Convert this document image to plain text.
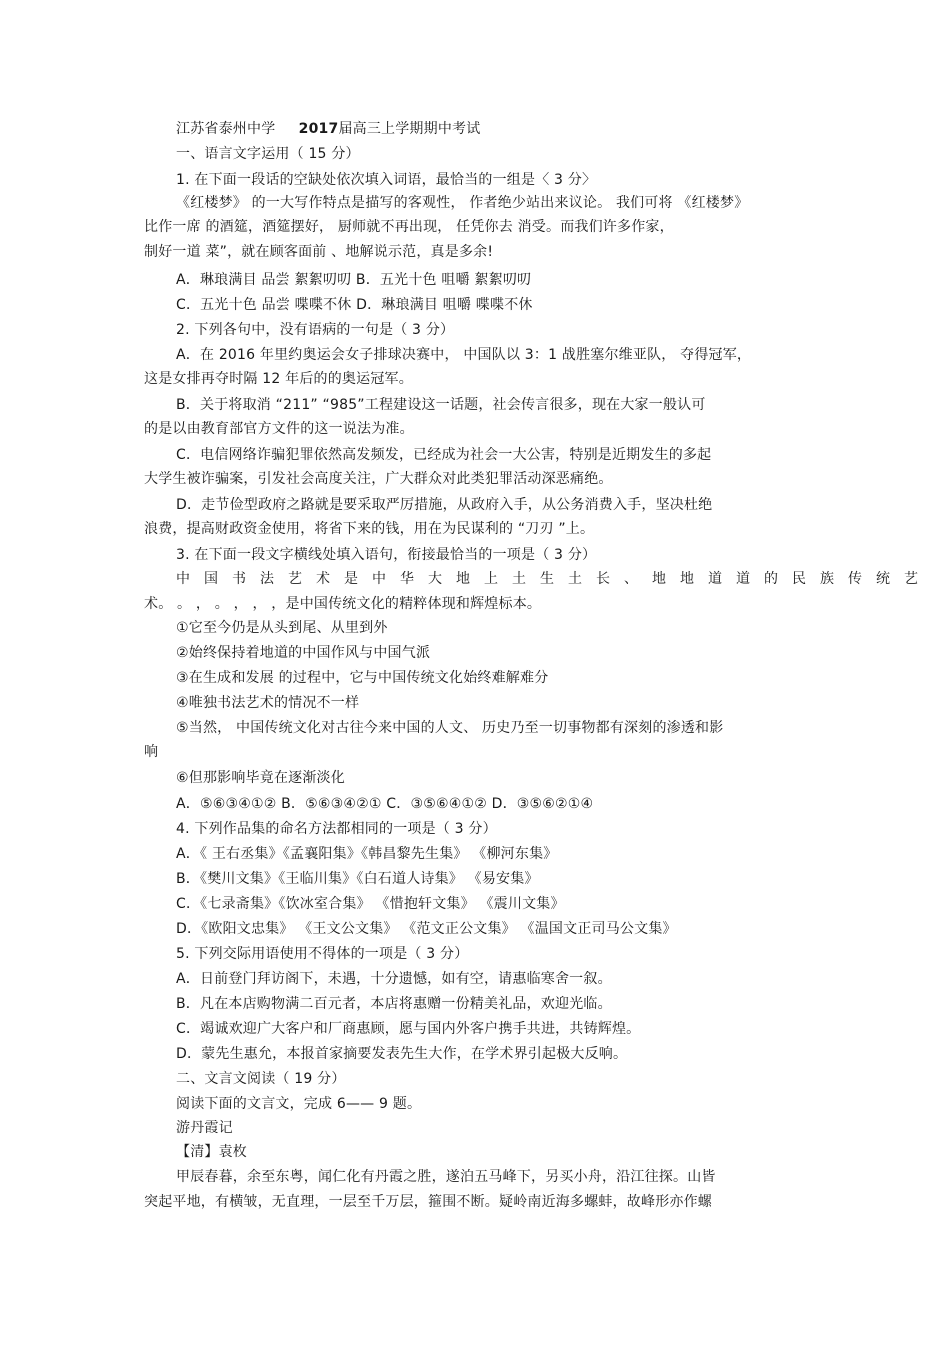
江苏省泰州中学 2017届高三上学期期中考试
一、语言文字运用（ 15 分）
1. 在下面一段话的空缺处依次填入词语，最恰当的一组是〈 3 分〉
《红楼梦》 的一大写作特点是描写的客观性， 作者绝少站出来议论。 我们可将 《红楼梦》
比作一席 的酒筵，酒筵摆好， 厨师就不再出现， 任凭你去 消受。而我们许多作家，
制好一道 菜”，就在顾客面前 、地解说示范，真是多余!
A．琳琅满目 品尝 絮絮叨叨 B．五光十色 咀嚼 絮絮叨叨
C．五光十色 品尝 喋喋不休 D．琳琅满目 咀嚼 喋喋不休
2. 下列各句中，没有语病的一句是（ 3 分）
A．在 2016 年里约奥运会女子排球决赛中， 中国队以 3：1 战胜塞尔维亚队， 夺得冠军，
这是女排再夺时隔 12 年后的的奥运冠军。
B．关于将取消 “211” “985”工程建设这一话题，社会传言很多，现在大家一般认可
的是以由教育部官方文件的这一说法为准。
C．电信网络诈骗犯罪依然高发频发，已经成为社会一大公害，特别是近期发生的多起
大学生被诈骗案，引发社会高度关注，广大群众对此类犯罪活动深恶痛绝。
D．走节俭型政府之路就是要采取严厉措施，从政府入手，从公务消费入手，坚决杜绝
浪费，提高财政资金使用，将省下来的钱，用在为民谋利的 “刀刃 ”上。
3. 在下面一段文字横线处填入语句，衔接最恰当的一项是（ 3 分）
中国书法艺术是中华大地上土生土长、地地道道的民族传统艺
术。 。 ， 。 ， ， ，是中国传统文化的精粹体现和辉煌标本。
①它至今仍是从头到尾、从里到外
②始终保持着地道的中国作风与中国气派
③在生成和发展 的过程中，它与中国传统文化始终难解难分
④唯独书法艺术的情况不一样
⑤当然， 中国传统文化对古往今来中国的人文、 历史乃至一切事物都有深刻的渗透和影
响
⑥但那影响毕竟在逐渐淡化
A．⑤⑥③④①② B．⑤⑥③④②① C．③⑤⑥④①② D．③⑤⑥②①④
4. 下列作品集的命名方法都相同的一项是（ 3 分）
A．《 王右丞集》《孟襄阳集》《韩昌黎先生集》 《柳河东集》
B．《樊川文集》《王临川集》《白石道人诗集》 《易安集》
C．《七录斋集》《饮冰室合集》 《惜抱轩文集》 《震川文集》
D．《欧阳文忠集》 《王文公文集》 《范文正公文集》 《温国文正司马公文集》
5. 下列交际用语使用不得体的一项是（ 3 分）
A．日前登门拜访阁下，未遇，十分遗憾，如有空，请惠临寒舍一叙。
B．凡在本店购物满二百元者，本店将惠赠一份精美礼品，欢迎光临。
C．竭诚欢迎广大客户和厂商惠顾，愿与国内外客户携手共进，共铸辉煌。
D．蒙先生惠允，本报首家摘要发表先生大作，在学术界引起极大反响。
二、文言文阅读（ 19 分）
阅读下面的文言文，完成 6—— 9 题。
游丹霞记
【清】袁枚
甲辰春暮，余至东粤，闻仁化有丹霞之胜，遂泊五马峰下，另买小舟，沿江往探。山皆
突起平地，有横皱，无直理，一层至千万层，箍围不断。疑岭南近海多螺蚌，故峰形亦作螺
